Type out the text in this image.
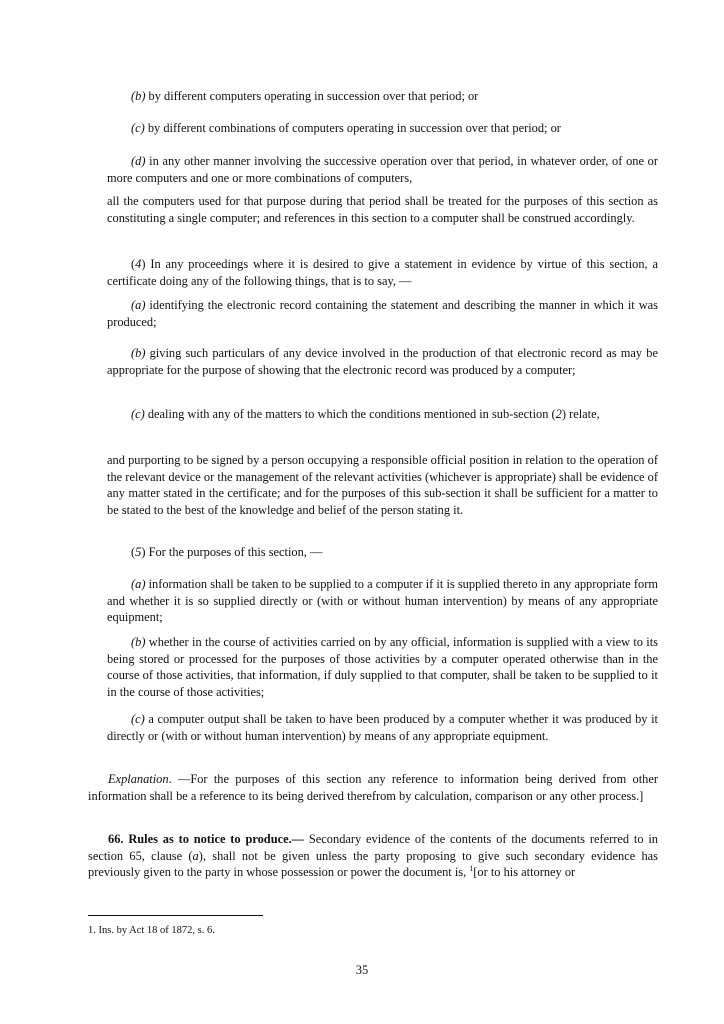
(b) by different computers operating in succession over that period; or

(c) by different combinations of computers operating in succession over that period; or

(d) in any other manner involving the successive operation over that period, in whatever order, of one or more computers and one or more combinations of computers,

all the computers used for that purpose during that period shall be treated for the purposes of this section as constituting a single computer; and references in this section to a computer shall be construed accordingly.

(4) In any proceedings where it is desired to give a statement in evidence by virtue of this section, a certificate doing any of the following things, that is to say, —

(a) identifying the electronic record containing the statement and describing the manner in which it was produced;

(b) giving such particulars of any device involved in the production of that electronic record as may be appropriate for the purpose of showing that the electronic record was produced by a computer;

(c) dealing with any of the matters to which the conditions mentioned in sub-section (2) relate,

and purporting to be signed by a person occupying a responsible official position in relation to the operation of the relevant device or the management of the relevant activities (whichever is appropriate) shall be evidence of any matter stated in the certificate; and for the purposes of this sub-section it shall be sufficient for a matter to be stated to the best of the knowledge and belief of the person stating it.

(5) For the purposes of this section, —

(a) information shall be taken to be supplied to a computer if it is supplied thereto in any appropriate form and whether it is so supplied directly or (with or without human intervention) by means of any appropriate equipment;

(b) whether in the course of activities carried on by any official, information is supplied with a view to its being stored or processed for the purposes of those activities by a computer operated otherwise than in the course of those activities, that information, if duly supplied to that computer, shall be taken to be supplied to it in the course of those activities;

(c) a computer output shall be taken to have been produced by a computer whether it was produced by it directly or (with or without human intervention) by means of any appropriate equipment.

Explanation. —For the purposes of this section any reference to information being derived from other information shall be a reference to its being derived therefrom by calculation, comparison or any other process.]

66. Rules as to notice to produce.— Secondary evidence of the contents of the documents referred to in section 65, clause (a), shall not be given unless the party proposing to give such secondary evidence has previously given to the party in whose possession or power the document is, $^1$[or to his attorney or

1. Ins. by Act 18 of 1872, s. 6.

35
